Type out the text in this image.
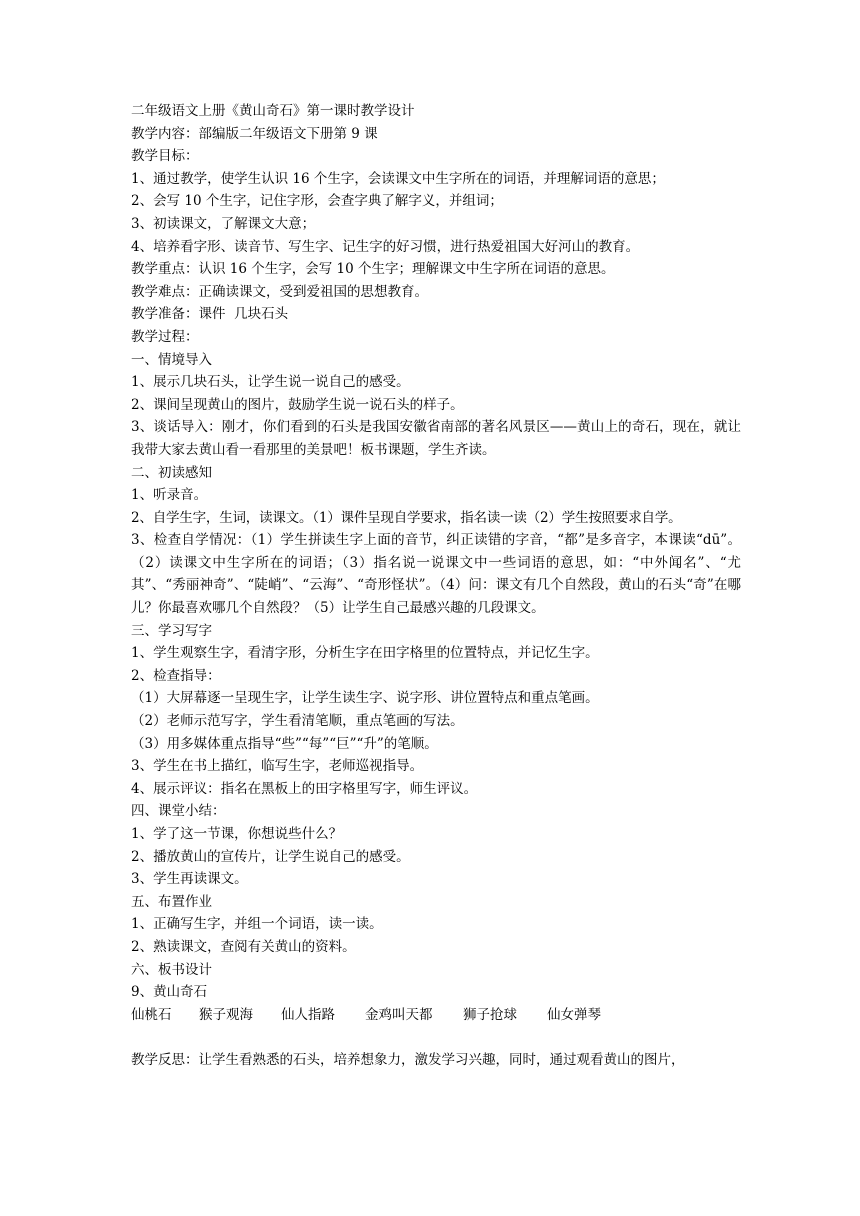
二年级语文上册《黄山奇石》第一课时教学设计

教学内容：部编版二年级语文下册第 9 课

教学目标：

1、通过教学，使学生认识 16 个生字，会读课文中生字所在的词语，并理解词语的意思；

2、会写 10 个生字，记住字形，会查字典了解字义，并组词；

3、初读课文，了解课文大意；

4、培养看字形、读音节、写生字、记生字的好习惯，进行热爱祖国大好河山的教育。

教学重点：认识 16 个生字，会写 10 个生字；理解课文中生字所在词语的意思。

教学难点：正确读课文，受到爱祖国的思想教育。

教学准备：课件  几块石头

教学过程：

一、情境导入

1、展示几块石头，让学生说一说自己的感受。

2、课间呈现黄山的图片，鼓励学生说一说石头的样子。

3、谈话导入：刚才，你们看到的石头是我国安徽省南部的著名风景区——黄山上的奇石，现在，就让我带大家去黄山看一看那里的美景吧！板书课题，学生齐读。

二、初读感知

1、听录音。

2、自学生字，生词，读课文。（1）课件呈现自学要求，指名读一读（2）学生按照要求自学。

3、检查自学情况：（1）学生拼读生字上面的音节，纠正读错的字音，“都”是多音字，本课读“dū”。（2）读课文中生字所在的词语；（3）指名说一说课文中一些词语的意思，如：“中外闻名”、“尤其”、“秀丽神奇”、“陡峭”、“云海”、“奇形怪状”。（4）问：课文有几个自然段，黄山的石头“奇”在哪儿？你最喜欢哪几个自然段？（5）让学生自己最感兴趣的几段课文。

三、学习写字

1、学生观察生字，看清字形，分析生字在田字格里的位置特点，并记忆生字。

2、检查指导：

（1）大屏幕逐一呈现生字，让学生读生字、说字形、讲位置特点和重点笔画。

（2）老师示范写字，学生看清笔顺，重点笔画的写法。

（3）用多媒体重点指导“些”“每”“巨”“升”的笔顺。

3、学生在书上描红，临写生字，老师巡视指导。

4、展示评议：指名在黑板上的田字格里写字，师生评议。

四、课堂小结：

1、学了这一节课，你想说些什么？

2、播放黄山的宣传片，让学生说自己的感受。

3、学生再读课文。

五、布置作业

1、正确写生字，并组一个词语，读一读。

2、熟读课文，查阅有关黄山的资料。

六、板书设计

9、黄山奇石

仙桃石	猴子观海	仙人指路	金鸡叫天都	狮子抢球	仙女弹琴

教学反思：让学生看熟悉的石头，培养想象力，激发学习兴趣，同时，通过观看黄山的图片，
